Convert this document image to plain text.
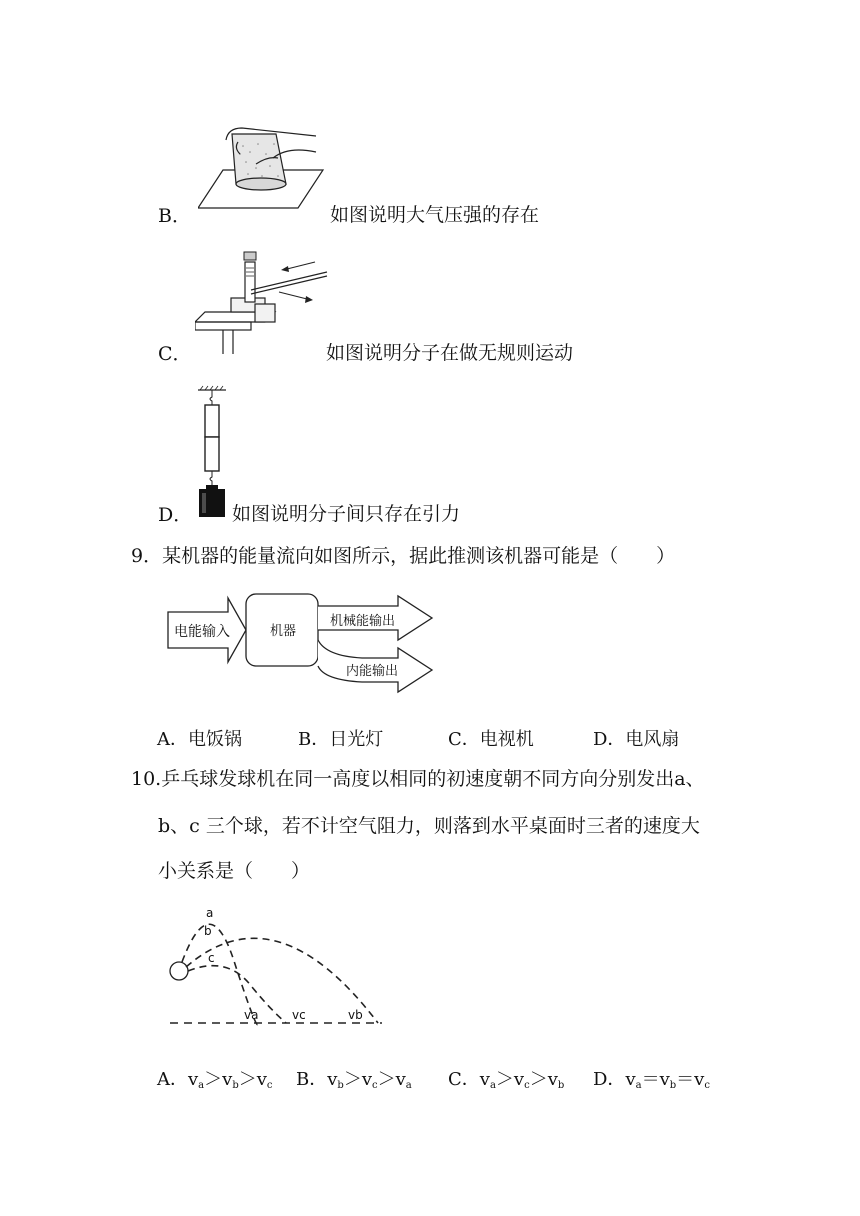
B．	如图说明大气压强的存在
C．	如图说明分子在做无规则运动
D． 如图说明分子间只存在引力
9．某机器的能量流向如图所示，据此推测该机器可能是（　　）
电能输入	机器
机械能输出
内能输出
A．电饭锅	B．日光灯	C．电视机	D．电风扇
10.乒乓球发球机在同一高度以相同的初速度朝不同方向分别发出a、
b、c 三个球，若不计空气阻力，则落到水平桌面时三者的速度大
小关系是（　　）
a
b
c
va	vc	vb
A．$v_a>v_b>v_c$ B．$v_b>v_c>v_a$ C．$v_a>v_c>v_b$ D．$v_a=v_b=v_c$
